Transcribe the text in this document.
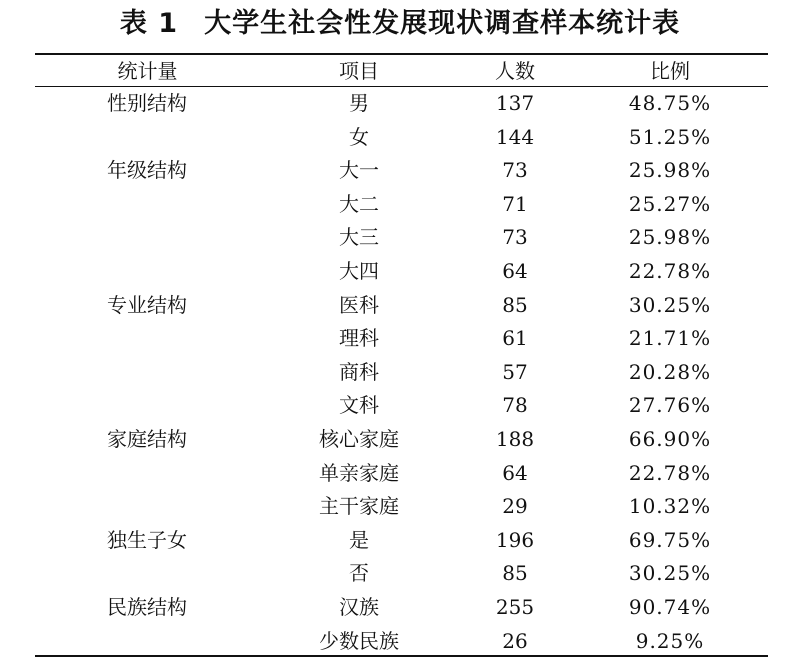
表 1 大学生社会性发展现状调查样本统计表
统计量	项目	人数	比例
性别结构	男	137	48.75%
	女	144	51.25%
年级结构	大一	73	25.98%
	大二	71	25.27%
	大三	73	25.98%
	大四	64	22.78%
专业结构	医科	85	30.25%
	理科	61	21.71%
	商科	57	20.28%
	文科	78	27.76%
家庭结构	核心家庭	188	66.90%
	单亲家庭	64	22.78%
	主干家庭	29	10.32%
独生子女	是	196	69.75%
	否	85	30.25%
民族结构	汉族	255	90.74%
	少数民族	26	9.25%
